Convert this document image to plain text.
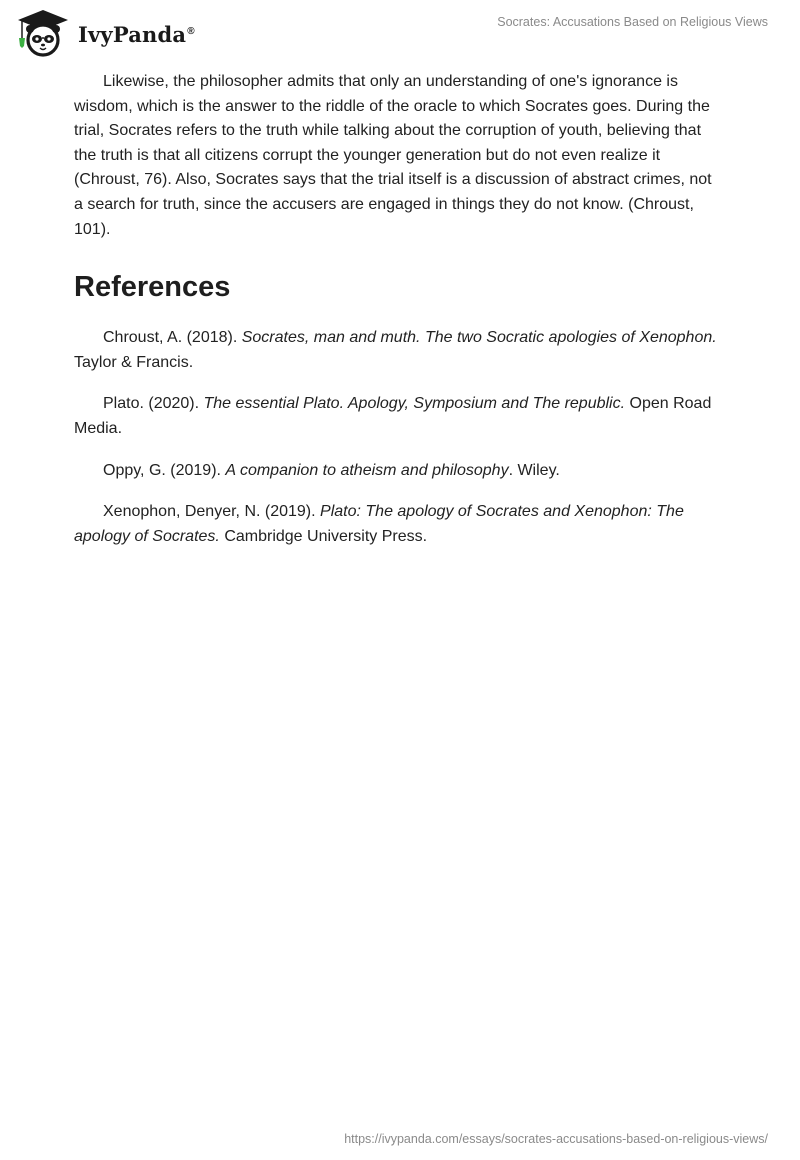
IvyPanda®
Socrates: Accusations Based on Religious Views

Likewise, the philosopher admits that only an understanding of one's ignorance is wisdom, which is the answer to the riddle of the oracle to which Socrates goes. During the trial, Socrates refers to the truth while talking about the corruption of youth, believing that the truth is that all citizens corrupt the younger generation but do not even realize it (Chroust, 76). Also, Socrates says that the trial itself is a discussion of abstract crimes, not a search for truth, since the accusers are engaged in things they do not know. (Chroust, 101).

References

Chroust, A. (2018). Socrates, man and muth. The two Socratic apologies of Xenophon. Taylor & Francis.

Plato. (2020). The essential Plato. Apology, Symposium and The republic. Open Road Media.

Oppy, G. (2019). A companion to atheism and philosophy. Wiley.

Xenophon, Denyer, N. (2019). Plato: The apology of Socrates and Xenophon: The apology of Socrates. Cambridge University Press.

https://ivypanda.com/essays/socrates-accusations-based-on-religious-views/
